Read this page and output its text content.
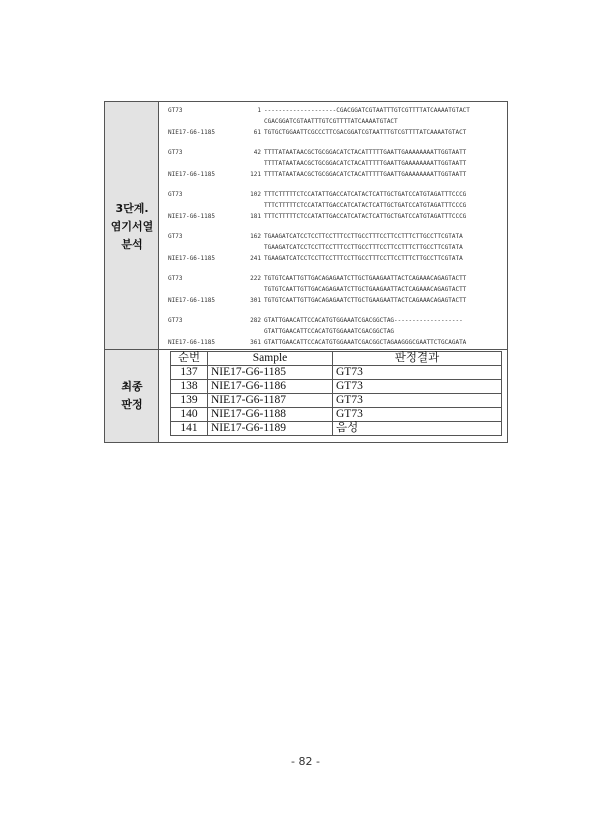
3단계.
염기서열
분석
GT73	1 --------------------CGACGGATCGTAATTTGTCGTTTTATCAAAATGTACT
CGACGGATCGTAATTTGTCGTTTTATCAAAATGTACT
NIE17-G6-1185	61 TGTGCTGGAATTCGCCCTTCGACGGATCGTAATTTGTCGTTTTATCAAAATGTACT
GT73	42 TTTTATAATAACGCTGCGGACATCTACATTTTTGAATTGAAAAAAAATTGGTAATT
TTTTATAATAACGCTGCGGACATCTACATTTTTGAATTGAAAAAAAATTGGTAATT
NIE17-G6-1185	121 TTTTATAATAACGCTGCGGACATCTACATTTTTGAATTGAAAAAAAATTGGTAATT
GT73	102 TTTCTTTTTCTCCATATTGACCATCATACTCATTGCTGATCCATGTAGATTTCCCG
TTTCTTTTTCTCCATATTGACCATCATACTCATTGCTGATCCATGTAGATTTCCCG
NIE17-G6-1185	181 TTTCTTTTTCTCCATATTGACCATCATACTCATTGCTGATCCATGTAGATTTCCCG
GT73	162 TGAAGATCATCCTCCTTCCTTTCCTTGCCTTTCCTTCCTTTCTTGCCTTCGTATA
TGAAGATCATCCTCCTTCCTTTCCTTGCCTTTCCTTCCTTTCTTGCCTTCGTATA
NIE17-G6-1185	241 TGAAGATCATCCTCCTTCCTTTCCTTGCCTTTCCTTCCTTTCTTGCCTTCGTATA
GT73	222 TGTGTCAATTGTTGACAGAGAATCTTGCTGAAGAATTACTCAGAAACAGAGTACTT
TGTGTCAATTGTTGACAGAGAATCTTGCTGAAGAATTACTCAGAAACAGAGTACTT
NIE17-G6-1185	301 TGTGTCAATTGTTGACAGAGAATCTTGCTGAAGAATTACTCAGAAACAGAGTACTT
GT73	282 GTATTGAACATTCCACATGTGGAAATCGACGGCTAG-------------------
GTATTGAACATTCCACATGTGGAAATCGACGGCTAG
NIE17-G6-1185	361 GTATTGAACATTCCACATGTGGAAATCGACGGCTAGAAGGGCGAATTCTGCAGATA
최종
판정
순번	Sample	판정결과
137	NIE17-G6-1185	GT73
138	NIE17-G6-1186	GT73
139	NIE17-G6-1187	GT73
140	NIE17-G6-1188	GT73
141	NIE17-G6-1189	음성
- 82 -
